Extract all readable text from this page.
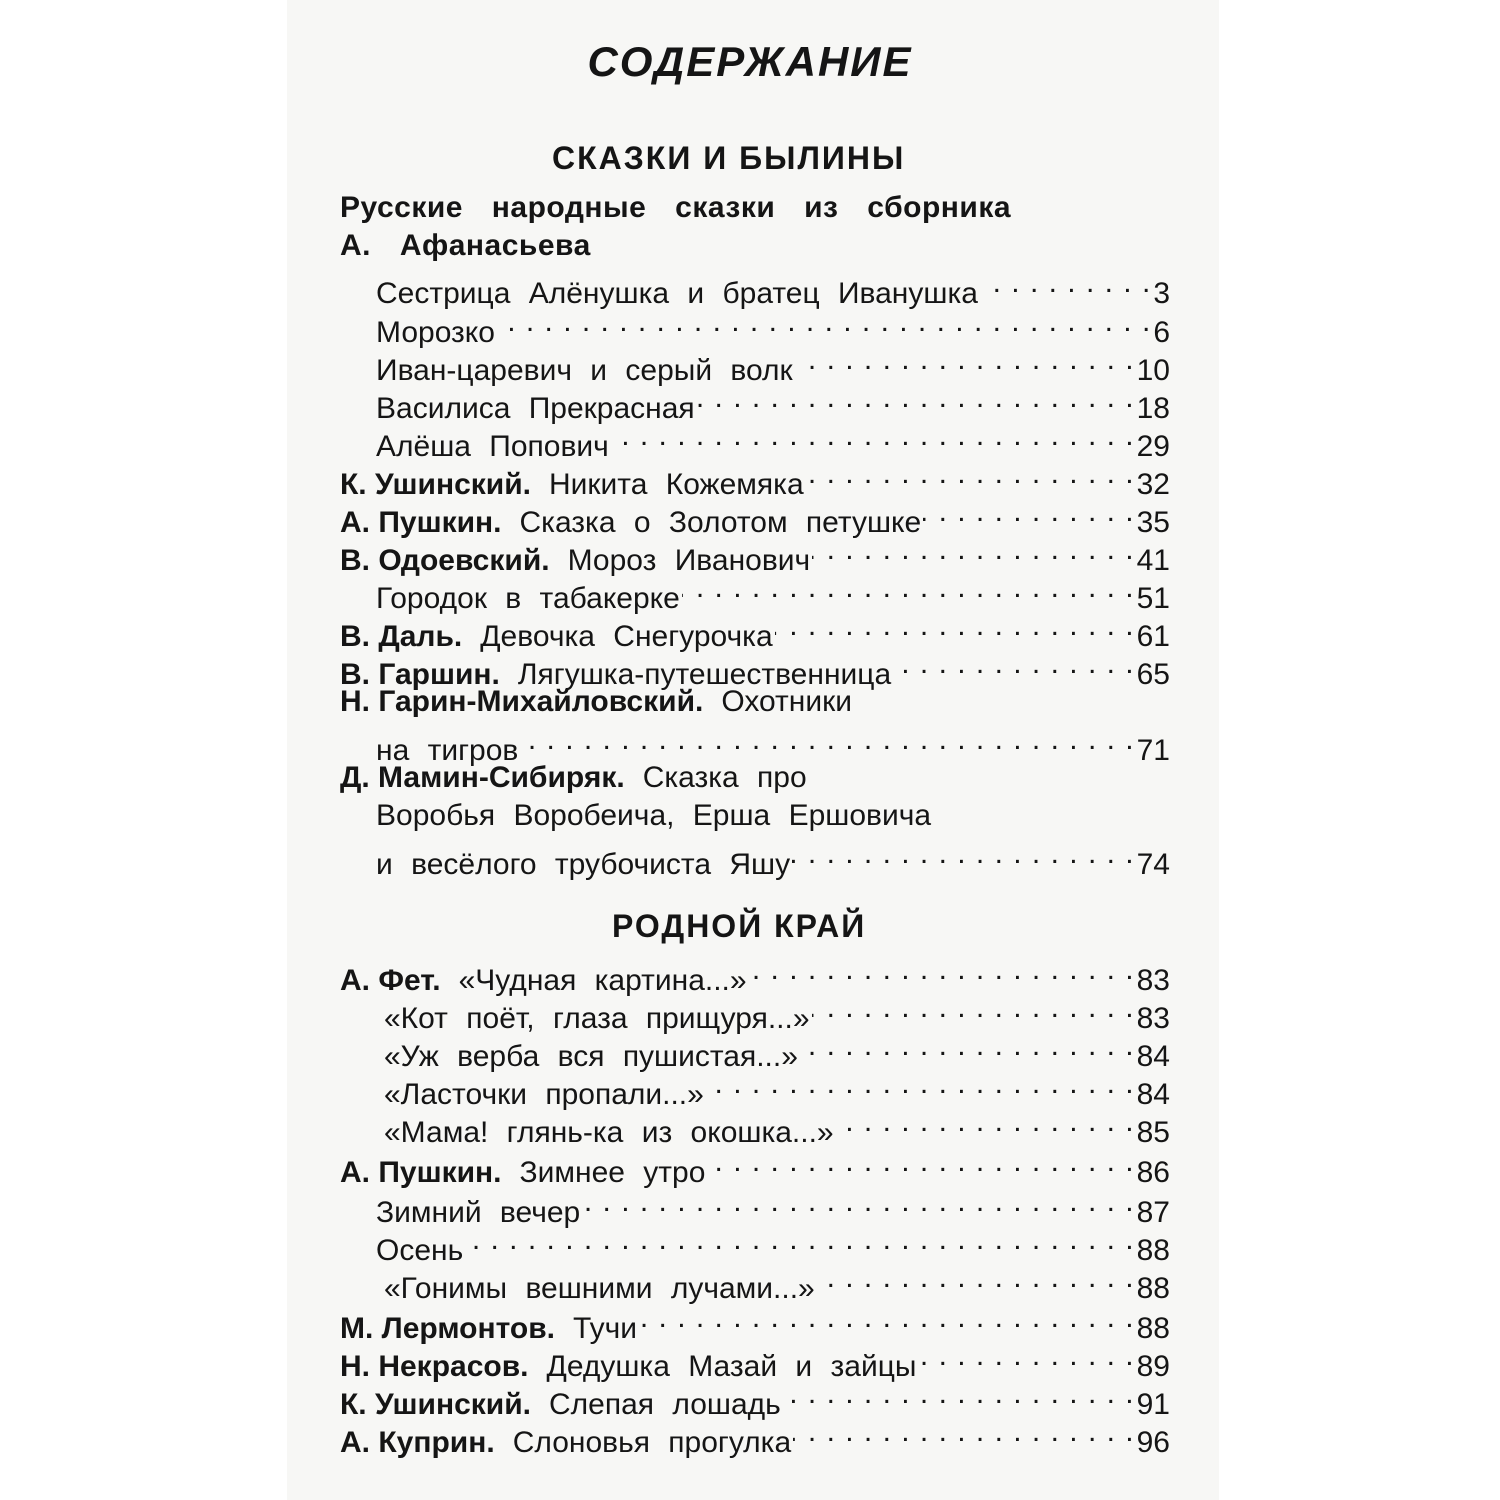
СОДЕРЖАНИЕ
СКАЗКИ И БЫЛИНЫ
Русские народные сказки из сборника
А. Афанасьева
Сестрица Алёнушка и братец Иванушка . . .	3
Морозко . . .	6
Иван-царевич и серый волк . . .	10
Василиса Прекрасная . . .	18
Алёша Попович . . .	29
К. Ушинский. Никита Кожемяка . . .	32
А. Пушкин. Сказка о Золотом петушке . . .	35
В. Одоевский. Мороз Иванович . . .	41
Городок в табакерке . . .	51
В. Даль. Девочка Снегурочка . . .	61
В. Гаршин. Лягушка-путешественница . . .	65
Н. Гарин-Михайловский. Охотники
на тигров . . .	71
Д. Мамин-Сибиряк. Сказка про
Воробья Воробеича, Ерша Ершовича
и весёлого трубочиста Яшу . . .	74
РОДНОЙ КРАЙ
А. Фет. «Чудная картина...» . . .	83
«Кот поёт, глаза прищуря...» . . .	83
«Уж верба вся пушистая...» . . .	84
«Ласточки пропали...» . . .	84
«Мама! глянь-ка из окошка...» . . .	85
А. Пушкин. Зимнее утро . . .	86
Зимний вечер . . .	87
Осень . . .	88
«Гонимы вешними лучами...» . . .	88
М. Лермонтов. Тучи . . .	88
Н. Некрасов. Дедушка Мазай и зайцы . . .	89
К. Ушинский. Слепая лошадь . . .	91
А. Куприн. Слоновья прогулка . . .	96
